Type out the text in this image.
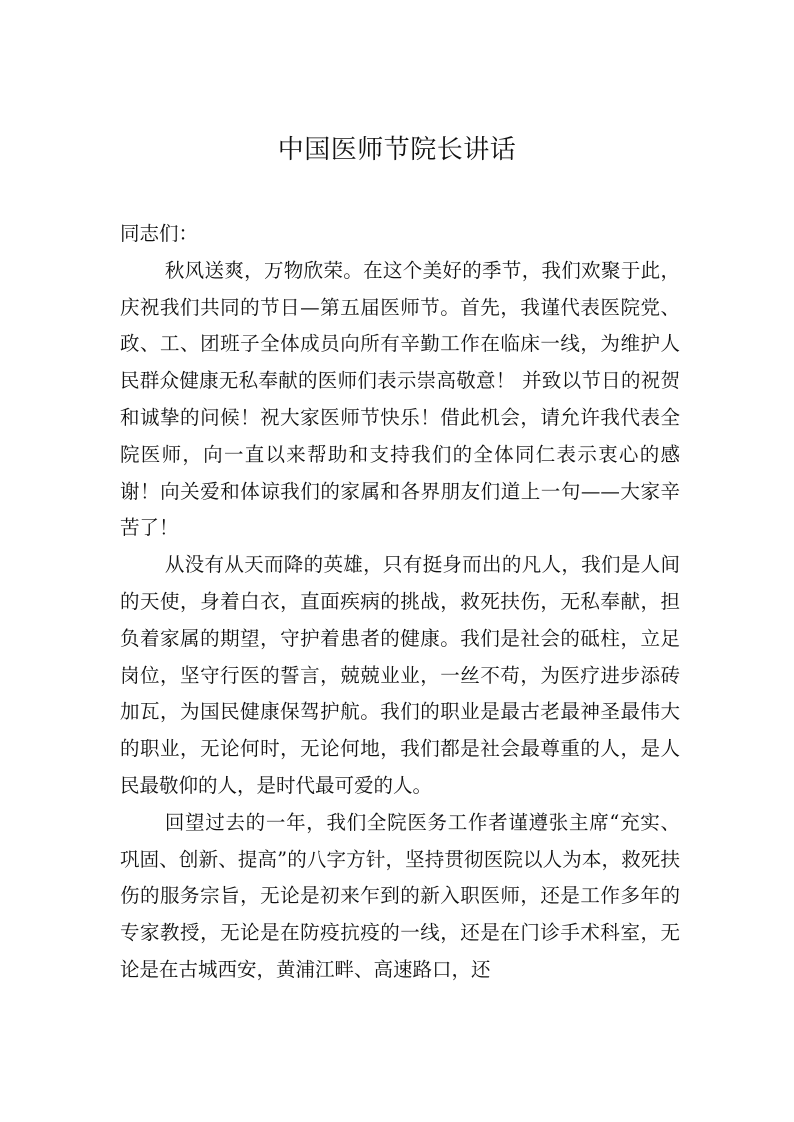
中国医师节院长讲话

同志们：

秋风送爽，万物欣荣。在这个美好的季节，我们欢聚于此，庆祝我们共同的节日—第五届医师节。首先，我谨代表医院党、政、工、团班子全体成员向所有辛勤工作在临床一线，为维护人民群众健康无私奉献的医师们表示崇高敬意！ 并致以节日的祝贺和诚挚的问候！祝大家医师节快乐！借此机会，请允许我代表全院医师，向一直以来帮助和支持我们的全体同仁表示衷心的感谢！向关爱和体谅我们的家属和各界朋友们道上一句——大家辛苦了！

从没有从天而降的英雄，只有挺身而出的凡人，我们是人间的天使，身着白衣，直面疾病的挑战，救死扶伤，无私奉献，担负着家属的期望，守护着患者的健康。我们是社会的砥柱，立足岗位，坚守行医的誓言，兢兢业业，一丝不苟，为医疗进步添砖加瓦，为国民健康保驾护航。我们的职业是最古老最神圣最伟大的职业，无论何时，无论何地，我们都是社会最尊重的人，是人民最敬仰的人，是时代最可爱的人。

回望过去的一年，我们全院医务工作者谨遵张主席“充实、巩固、创新、提高”的八字方针，坚持贯彻医院以人为本，救死扶伤的服务宗旨，无论是初来乍到的新入职医师，还是工作多年的专家教授，无论是在防疫抗疫的一线，还是在门诊手术科室，无论是在古城西安，黄浦江畔、高速路口，还
